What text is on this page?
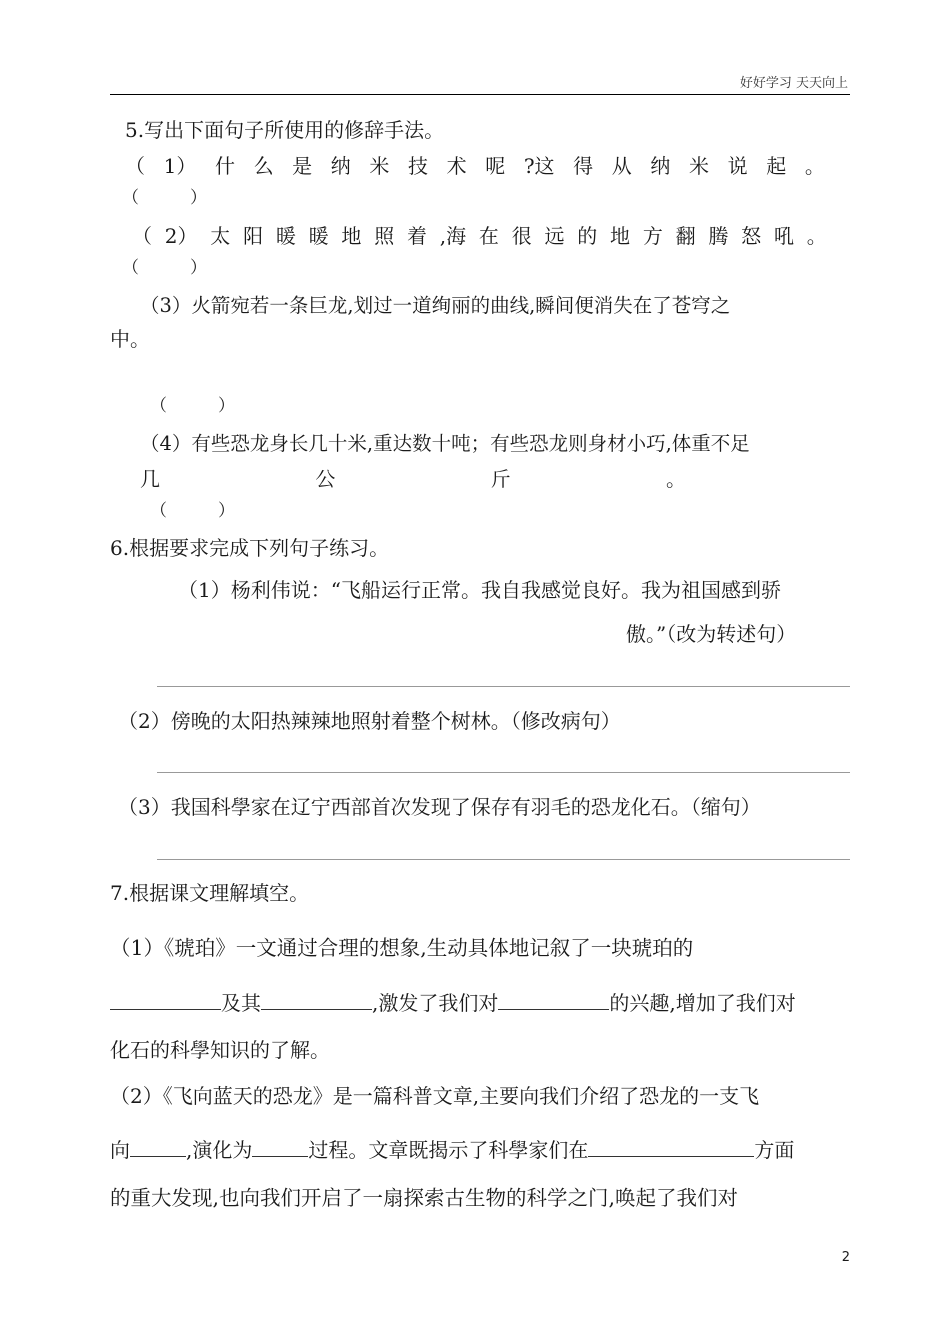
好好学习 天天向上
5.写出下面句子所使用的修辞手法。
（ 1） 什 么 是 纳 米 技 术 呢 ?这 得 从 纳 米 说 起 。
（　　　）
（ 2） 太 阳 暖 暖 地 照 着 ,海 在 很 远 的 地 方 翻 腾 怒 吼 。
（　　　）
（3）火箭宛若一条巨龙,划过一道绚丽的曲线,瞬间便消失在了苍穹之
中。
（　　　）
（4）有些恐龙身长几十米,重达数十吨；有些恐龙则身材小巧,体重不足
几	公	斤	。
（　　　）
6.根据要求完成下列句子练习。
（1）杨利伟说：“飞船运行正常。我自我感觉良好。我为祖国感到骄
傲。”（改为转述句）
（2）傍晚的太阳热辣辣地照射着整个树林。（修改病句）
（3）我国科學家在辽宁西部首次发现了保存有羽毛的恐龙化石。（缩句）
7.根据课文理解填空。
（1）《琥珀》一文通过合理的想象,生动具体地记叙了一块琥珀的
及其	,激发了我们对	的兴趣,增加了我们对
化石的科學知识的了解。
（2）《飞向蓝天的恐龙》是一篇科普文章,主要向我们介绍了恐龙的一支飞
向	,演化为	过程。文章既揭示了科學家们在	方面
的重大发现,也向我们开启了一扇探索古生物的科学之门,唤起了我们对
2
